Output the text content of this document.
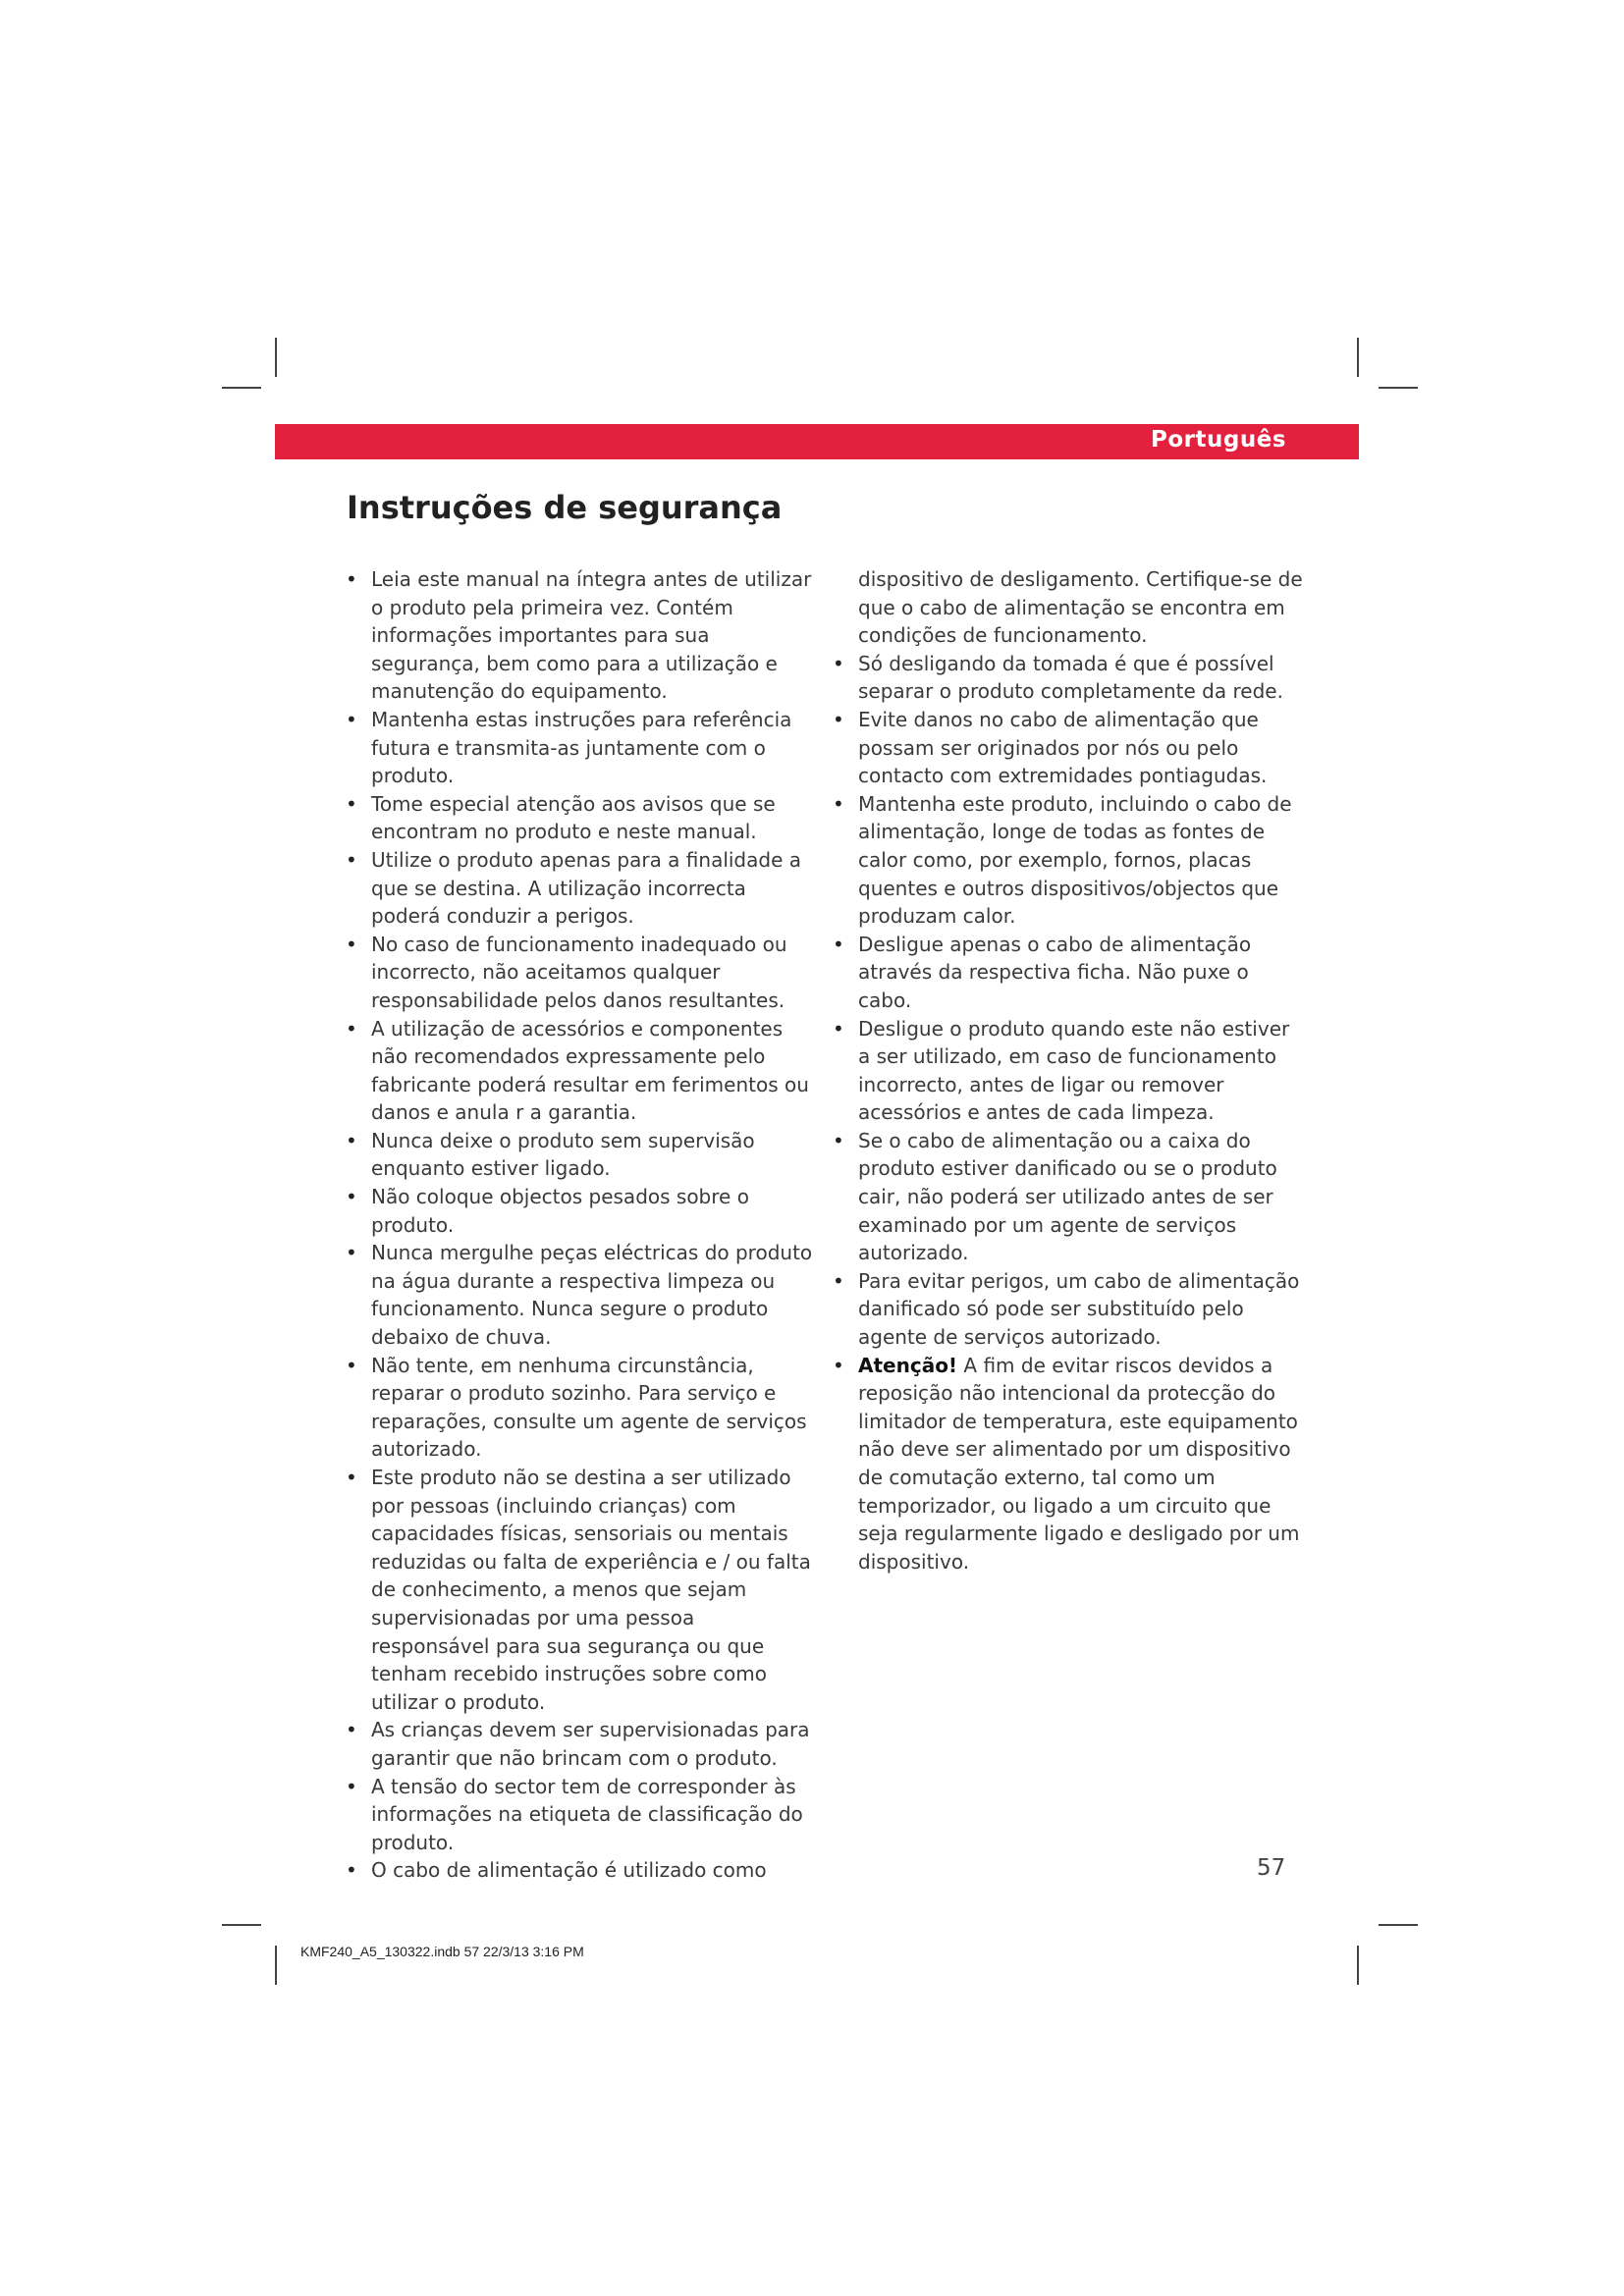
Português
Instruções de segurança
• Leia este manual na íntegra antes de utilizar o produto pela primeira vez. Contém informações importantes para sua segurança, bem como para a utilização e manutenção do equipamento.
• Mantenha estas instruções para referência futura e transmita-as juntamente com o produto.
• Tome especial atenção aos avisos que se encontram no produto e neste manual.
• Utilize o produto apenas para a finalidade a que se destina. A utilização incorrecta poderá conduzir a perigos.
• No caso de funcionamento inadequado ou incorrecto, não aceitamos qualquer responsabilidade pelos danos resultantes.
• A utilização de acessórios e componentes não recomendados expressamente pelo fabricante poderá resultar em ferimentos ou danos e anula r a garantia.
• Nunca deixe o produto sem supervisão enquanto estiver ligado.
• Não coloque objectos pesados sobre o produto.
• Nunca mergulhe peças eléctricas do produto na água durante a respectiva limpeza ou funcionamento. Nunca segure o produto debaixo de chuva.
• Não tente, em nenhuma circunstância, reparar o produto sozinho. Para serviço e reparações, consulte um agente de serviços autorizado.
• Este produto não se destina a ser utilizado por pessoas (incluindo crianças) com capacidades físicas, sensoriais ou mentais reduzidas ou falta de experiência e / ou falta de conhecimento, a menos que sejam supervisionadas por uma pessoa responsável para sua segurança ou que tenham recebido instruções sobre como utilizar o produto.
• As crianças devem ser supervisionadas para garantir que não brincam com o produto.
• A tensão do sector tem de corresponder às informações na etiqueta de classificação do produto.
• O cabo de alimentação é utilizado como

dispositivo de desligamento. Certifique-se de que o cabo de alimentação se encontra em condições de funcionamento.

• Só desligando da tomada é que é possível separar o produto completamente da rede.
• Evite danos no cabo de alimentação que possam ser originados por nós ou pelo contacto com extremidades pontiagudas.
• Mantenha este produto, incluindo o cabo de alimentação, longe de todas as fontes de calor como, por exemplo, fornos, placas quentes e outros dispositivos/objectos que produzam calor.
• Desligue apenas o cabo de alimentação através da respectiva ficha. Não puxe o cabo.
• Desligue o produto quando este não estiver a ser utilizado, em caso de funcionamento incorrecto, antes de ligar ou remover acessórios e antes de cada limpeza.
• Se o cabo de alimentação ou a caixa do produto estiver danificado ou se o produto cair, não poderá ser utilizado antes de ser examinado por um agente de serviços autorizado.
• Para evitar perigos, um cabo de alimentação danificado só pode ser substituído pelo agente de serviços autorizado.
• Atenção! A fim de evitar riscos devidos a reposição não intencional da protecção do limitador de temperatura, este equipamento não deve ser alimentado por um dispositivo de comutação externo, tal como um temporizador, ou ligado a um circuito que seja regularmente ligado e desligado por um dispositivo.
57
KMF240_A5_130322.indb 57 22/3/13 3:16 PM
